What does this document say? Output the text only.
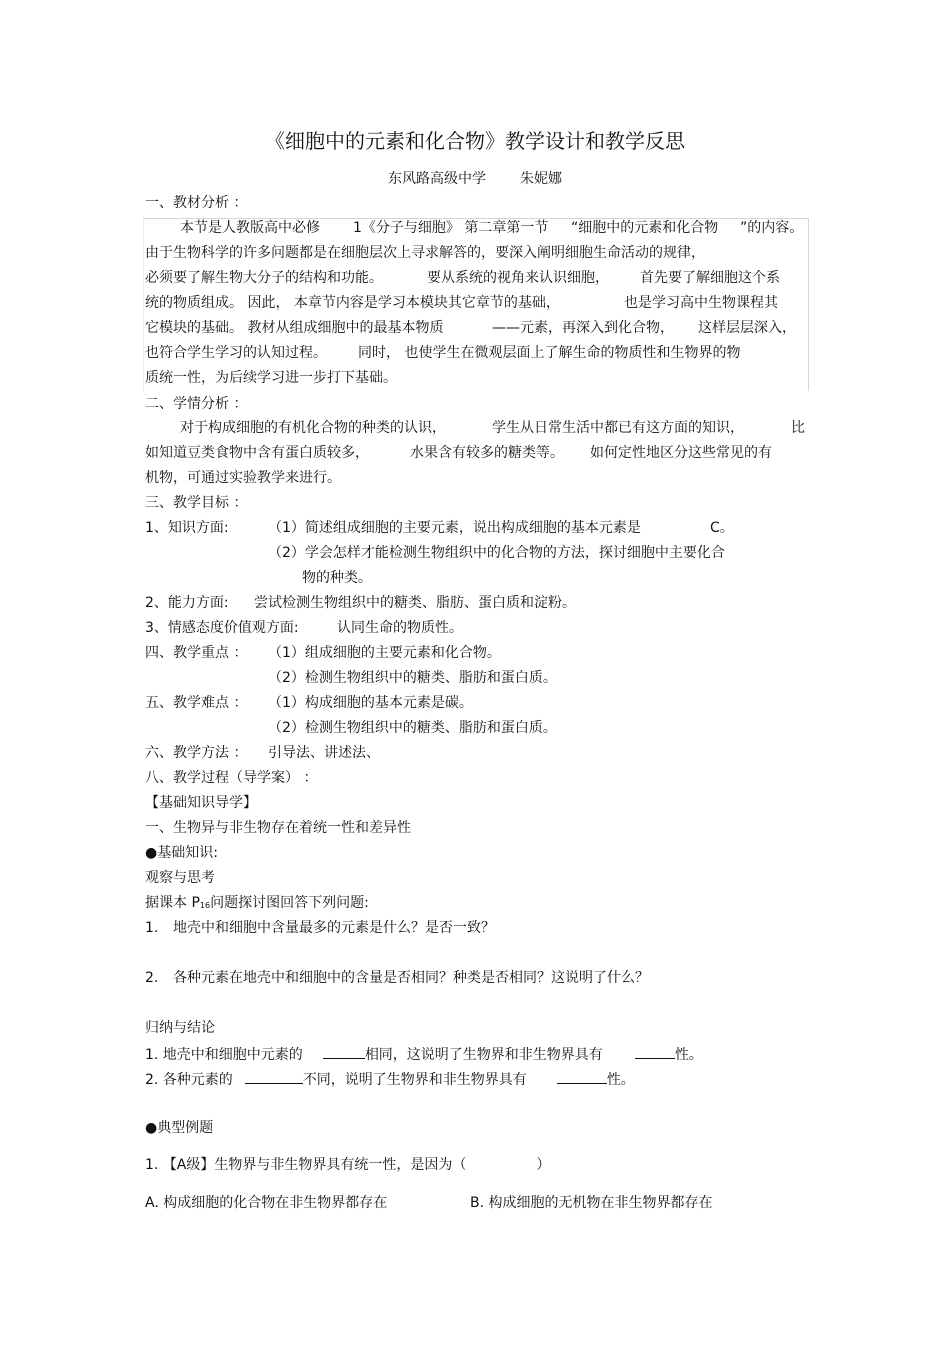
《细胞中的元素和化合物》教学设计和教学反思
东风路高级中学 朱妮娜
一、教材分析 ：
本节是人教版高中必修 1《分子与细胞》 第二章第一节 “细胞中的元素和化合物 ”的内容。
由于生物科学的许多问题都是在细胞层次上寻求解答的，要深入阐明细胞生命活动的规律，
必须要了解生物大分子的结构和功能。	要从系统的视角来认识细胞， 首先要了解细胞这个系
统的物质组成。 因此， 本章节内容是学习本模块其它章节的基础，	也是学习高中生物课程其
它模块的基础。 教材从组成细胞中的最基本物质	——元素，再深入到化合物， 这样层层深入，
也符合学生学习的认知过程。 同时， 也使学生在微观层面上了解生命的物质性和生物界的物
质统一性，为后续学习进一步打下基础。
二、学情分析 ：
对于构成细胞的有机化合物的种类的认识，	学生从日常生活中都已有这方面的知识，	比
如知道豆类食物中含有蛋白质较多，	水果含有较多的糖类等。 如何定性地区分这些常见的有
机物，可通过实验教学来进行。
三、教学目标 ：
1、知识方面:	（1）简述组成细胞的主要元素，说出构成细胞的基本元素是	C。
（2）学会怎样才能检测生物组织中的化合物的方法，探讨细胞中主要化合
物的种类。
2、能力方面: 尝试检测生物组织中的糖类、脂肪、蛋白质和淀粉。
3、情感态度价值观方面:	认同生命的物质性。
四、教学重点 ： （1）组成细胞的主要元素和化合物。
（2）检测生物组织中的糖类、脂肪和蛋白质。
五、教学难点 ： （1）构成细胞的基本元素是碳。
（2）检测生物组织中的糖类、脂肪和蛋白质。
六、教学方法 ： 引导法、讲述法、
八、教学过程（导学案） ：
【基础知识导学】
一、生物异与非生物存在着统一性和差异性
●基础知识:
观察与思考
据课本 $P_{16}$问题探讨图回答下列问题:
1. 地壳中和细胞中含量最多的元素是什么？是否一致？
2. 各种元素在地壳中和细胞中的含量是否相同？种类是否相同？这说明了什么？
归纳与结论
1. 地壳中和细胞中元素的	相同，这说明了生物界和非生物界具有	性。
2. 各种元素的	不同，说明了生物界和非生物界具有	性。
●典型例题
1. 【A级】生物界与非生物界具有统一性，是因为（	）
A. 构成细胞的化合物在非生物界都存在	B. 构成细胞的无机物在非生物界都存在
